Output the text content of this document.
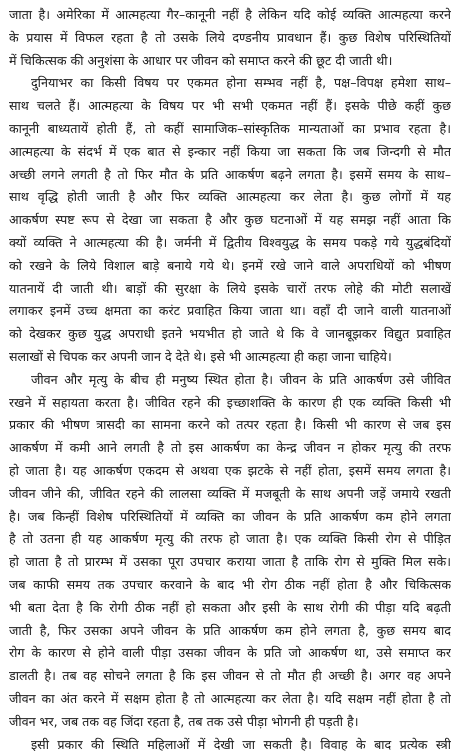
जाता है। अमेरिका में आत्महत्या गैर–कानूनी नहीं है लेकिन यदि कोई व्यक्ति आत्महत्या करने
के प्रयास में विफल रहता है तो उसके लिये दण्डनीय प्रावधान हैं। कुछ विशेष परिस्थितियों
में चिकित्सक की अनुशंसा के आधार पर जीवन को समाप्त करने की छूट दी जाती थी।
दुनियाभर का किसी विषय पर एकमत होना सम्भव नहीं है, पक्ष–विपक्ष हमेशा साथ–
साथ चलते हैं। आत्महत्या के विषय पर भी सभी एकमत नहीं हैं। इसके पीछे कहीं कुछ
कानूनी बाध्यतायें होती हैं, तो कहीं सामाजिक–सांस्कृतिक मान्यताओं का प्रभाव रहता है।
आत्महत्या के संदर्भ में एक बात से इन्कार नहीं किया जा सकता कि जब जिन्दगी से मौत
अच्छी लगने लगती है तो फिर मौत के प्रति आकर्षण बढ़ने लगता है। इसमें समय के साथ–
साथ वृद्धि होती जाती है और फिर व्यक्ति आत्महत्या कर लेता है। कुछ लोगों में यह
आकर्षण स्पष्ट रूप से देखा जा सकता है और कुछ घटनाओं में यह समझ नहीं आता कि
क्यों व्यक्ति ने आत्महत्या की है। जर्मनी में द्वितीय विश्वयुद्ध के समय पकड़े गये युद्धबंदियों
को रखने के लिये विशाल बाड़े बनाये गये थे। इनमें रखे जाने वाले अपराधियों को भीषण
यातनायें दी जाती थी। बाड़ों की सुरक्षा के लिये इसके चारों तरफ लोहे की मोटी सलाखें
लगाकर इनमें उच्च क्षमता का करंट प्रवाहित किया जाता था। वहाँ दी जाने वाली यातनाओं
को देखकर कुछ युद्ध अपराधी इतने भयभीत हो जाते थे कि वे जानबूझकर विद्युत प्रवाहित
सलाखों से चिपक कर अपनी जान दे देते थे। इसे भी आत्महत्या ही कहा जाना चाहिये।
जीवन और मृत्यु के बीच ही मनुष्य स्थित होता है। जीवन के प्रति आकर्षण उसे जीवित
रखने में सहायता करता है। जीवित रहने की इच्छाशक्ति के कारण ही एक व्यक्ति किसी भी
प्रकार की भीषण त्रासदी का सामना करने को तत्पर रहता है। किसी भी कारण से जब इस
आकर्षण में कमी आने लगती है तो इस आकर्षण का केन्द्र जीवन न होकर मृत्यु की तरफ
हो जाता है। यह आकर्षण एकदम से अथवा एक झटके से नहीं होता, इसमें समय लगता है।
जीवन जीने की, जीवित रहने की लालसा व्यक्ति में मजबूती के साथ अपनी जड़ें जमाये रखती
है। जब किन्हीं विशेष परिस्थितियों में व्यक्ति का जीवन के प्रति आकर्षण कम होने लगता
है तो उतना ही यह आकर्षण मृत्यु की तरफ हो जाता है। एक व्यक्ति किसी रोग से पीड़ित
हो जाता है तो प्रारम्भ में उसका पूरा उपचार कराया जाता है ताकि रोग से मुक्ति मिल सके।
जब काफी समय तक उपचार करवाने के बाद भी रोग ठीक नहीं होता है और चिकित्सक
भी बता देता है कि रोगी ठीक नहीं हो सकता और इसी के साथ रोगी की पीड़ा यदि बढ़ती
जाती है, फिर उसका अपने जीवन के प्रति आकर्षण कम होने लगता है, कुछ समय बाद
रोग के कारण से होने वाली पीड़ा उसका जीवन के प्रति जो आकर्षण था, उसे समाप्त कर
डालती है। तब वह सोचने लगता है कि इस जीवन से तो मौत ही अच्छी है। अगर वह अपने
जीवन का अंत करने में सक्षम होता है तो आत्महत्या कर लेता है। यदि सक्षम नहीं होता है तो
जीवन भर, जब तक वह जिंदा रहता है, तब तक उसे पीड़ा भोगनी ही पड़ती है।
इसी प्रकार की स्थिति महिलाओं में देखी जा सकती है। विवाह के बाद प्रत्येक स्त्री
